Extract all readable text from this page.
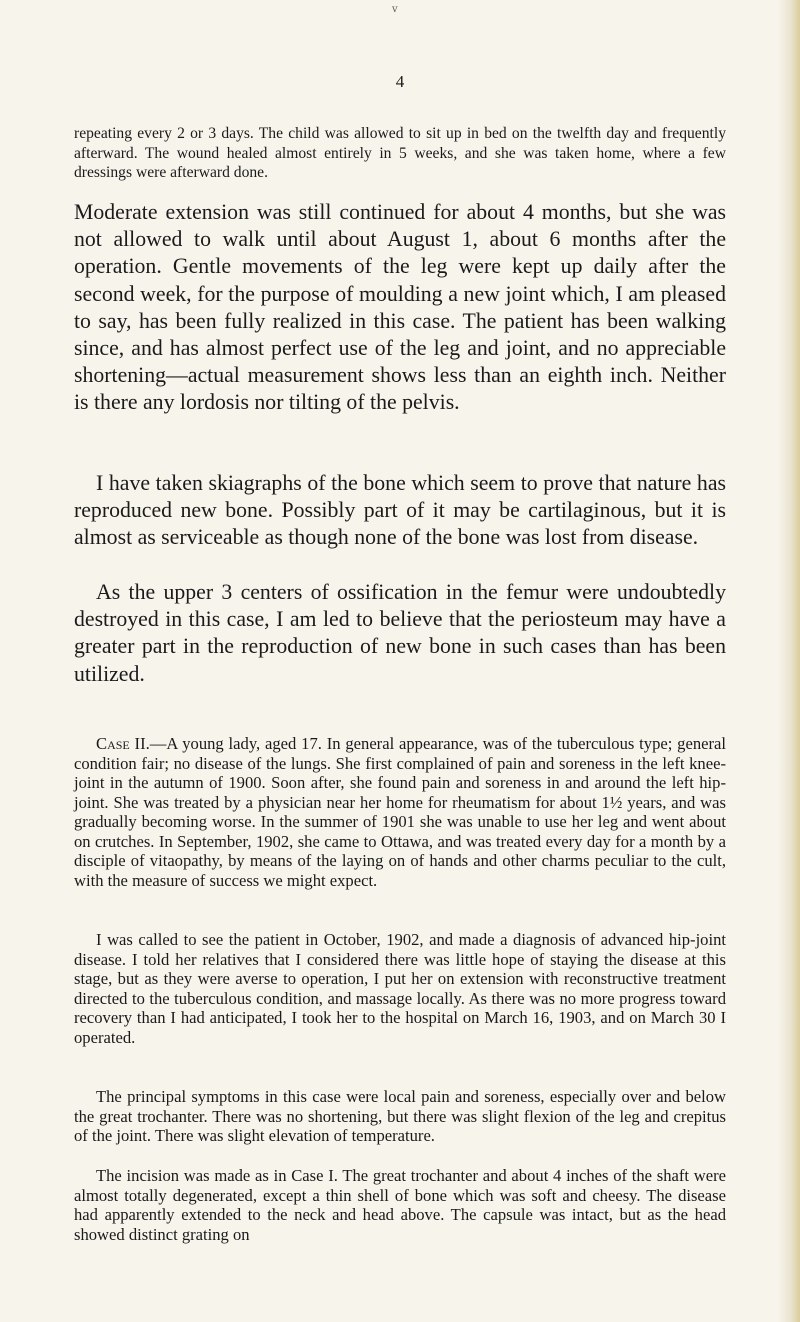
v
4

repeating every 2 or 3 days. The child was allowed to sit up in bed on the twelfth day and frequently afterward. The wound healed almost entirely in 5 weeks, and she was taken home, where a few dressings were afterward done.

Moderate extension was still continued for about 4 months, but she was not allowed to walk until about August 1, about 6 months after the operation. Gentle movements of the leg were kept up daily after the second week, for the purpose of moulding a new joint which, I am pleased to say, has been fully realized in this case. The patient has been walking since, and has almost perfect use of the leg and joint, and no appreciable shortening—actual measurement shows less than an eighth inch. Neither is there any lordosis nor tilting of the pelvis.

I have taken skiagraphs of the bone which seem to prove that nature has reproduced new bone. Possibly part of it may be cartilaginous, but it is almost as serviceable as though none of the bone was lost from disease.

As the upper 3 centers of ossification in the femur were undoubtedly destroyed in this case, I am led to believe that the periosteum may have a greater part in the reproduction of new bone in such cases than has been utilized.

Case II.—A young lady, aged 17. In general appearance, was of the tuberculous type; general condition fair; no disease of the lungs. She first complained of pain and soreness in the left knee-joint in the autumn of 1900. Soon after, she found pain and soreness in and around the left hip-joint. She was treated by a physician near her home for rheumatism for about 1½ years, and was gradually becoming worse. In the summer of 1901 she was unable to use her leg and went about on crutches. In September, 1902, she came to Ottawa, and was treated every day for a month by a disciple of vitaopathy, by means of the laying on of hands and other charms peculiar to the cult, with the measure of success we might expect.

I was called to see the patient in October, 1902, and made a diagnosis of advanced hip-joint disease. I told her relatives that I considered there was little hope of staying the disease at this stage, but as they were averse to operation, I put her on extension with reconstructive treatment directed to the tuberculous condition, and massage locally. As there was no more progress toward recovery than I had anticipated, I took her to the hospital on March 16, 1903, and on March 30 I operated.

The principal symptoms in this case were local pain and soreness, especially over and below the great trochanter. There was no shortening, but there was slight flexion of the leg and crepitus of the joint. There was slight elevation of temperature.

The incision was made as in Case I. The great trochanter and about 4 inches of the shaft were almost totally degenerated, except a thin shell of bone which was soft and cheesy. The disease had apparently extended to the neck and head above. The capsule was intact, but as the head showed distinct grating on
